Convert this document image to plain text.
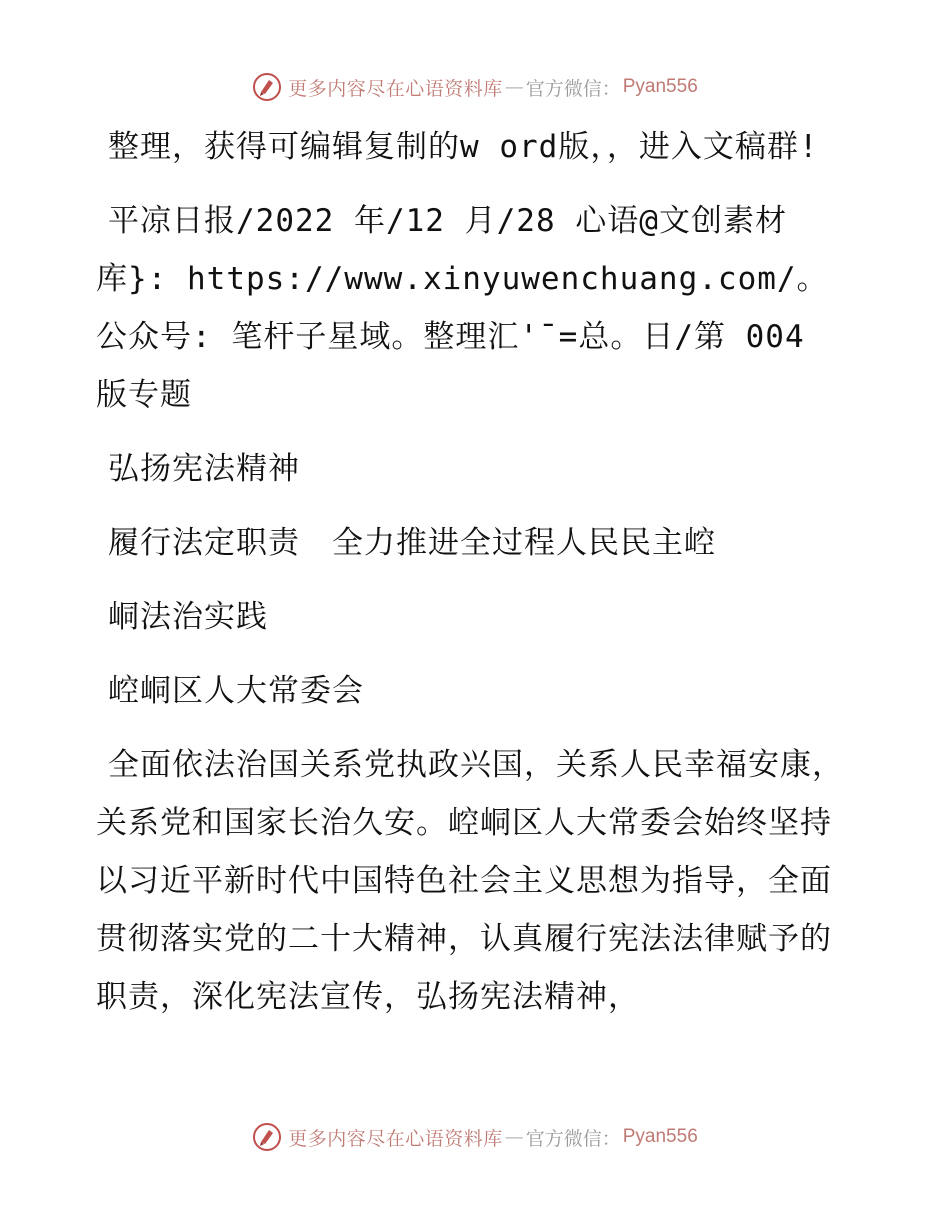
更多内容尽在心语资料库 — 官方微信： Pyan556

整理，获得可编辑复制的w ord版，，进入文稿群!

平凉日报/2022 年/12 月/28 心语@文创素材库}: https://www.xinyuwenchuang.com/。公众号: 笔杆子星域。整理汇'¯=总。日/第 004 版专题

弘扬宪法精神

履行法定职责　全力推进全过程人民民主崆

峒法治实践

崆峒区人大常委会

全面依法治国关系党执政兴国，关系人民幸福安康，关系党和国家长治久安。崆峒区人大常委会始终坚持以习近平新时代中国特色社会主义思想为指导，全面贯彻落实党的二十大精神，认真履行宪法法律赋予的职责，深化宪法宣传，弘扬宪法精神，

更多内容尽在心语资料库 — 官方微信： Pyan556
